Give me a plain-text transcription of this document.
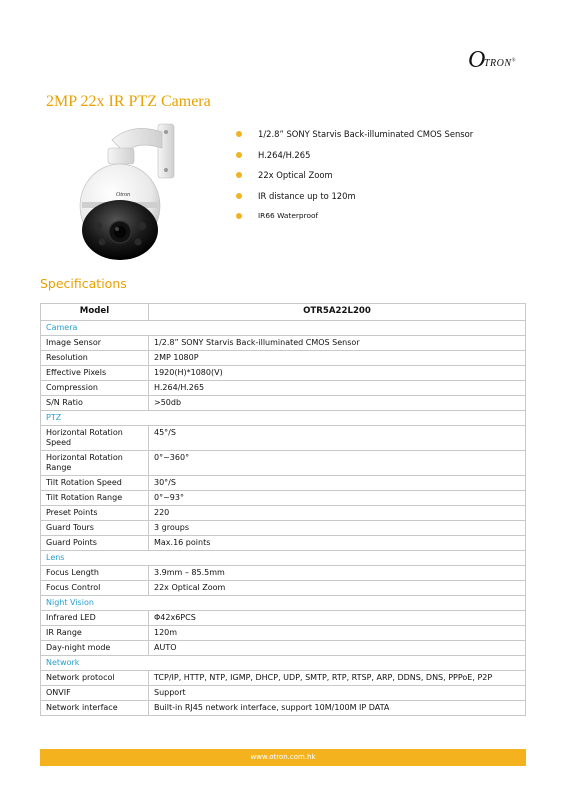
O
TRON®
2MP 22x IR PTZ Camera
Otron
1/2.8” SONY Starvis Back-illuminated CMOS Sensor
H.264/H.265
22x Optical Zoom
IR distance up to 120m
IR66 Waterproof
Specifications
Model	OTR5A22L200
Camera	
Image Sensor	1/2.8” SONY Starvis Back-illuminated CMOS Sensor
Resolution	2MP 1080P
Effective Pixels	1920(H)*1080(V)
Compression	H.264/H.265
S/N Ratio	>50db
PTZ	
Horizontal Rotation Speed	45°/S
Horizontal Rotation Range	0°~360°
Tilt Rotation Speed	30°/S
Tilt Rotation Range	0°~93°
Preset Points	220
Guard Tours	3 groups
Guard Points	Max.16 points
Lens	
Focus Length	3.9mm – 85.5mm
Focus Control	22x Optical Zoom
Night Vision	
Infrared LED	Φ42x6PCS
IR Range	120m
Day-night mode	AUTO
Network	
Network protocol	TCP/IP, HTTP, NTP, IGMP, DHCP, UDP, SMTP, RTP, RTSP, ARP, DDNS, DNS, PPPoE, P2P
ONVIF	Support
Network interface	Built-in RJ45 network interface, support 10M/100M IP DATA
www.otron.com.hk
